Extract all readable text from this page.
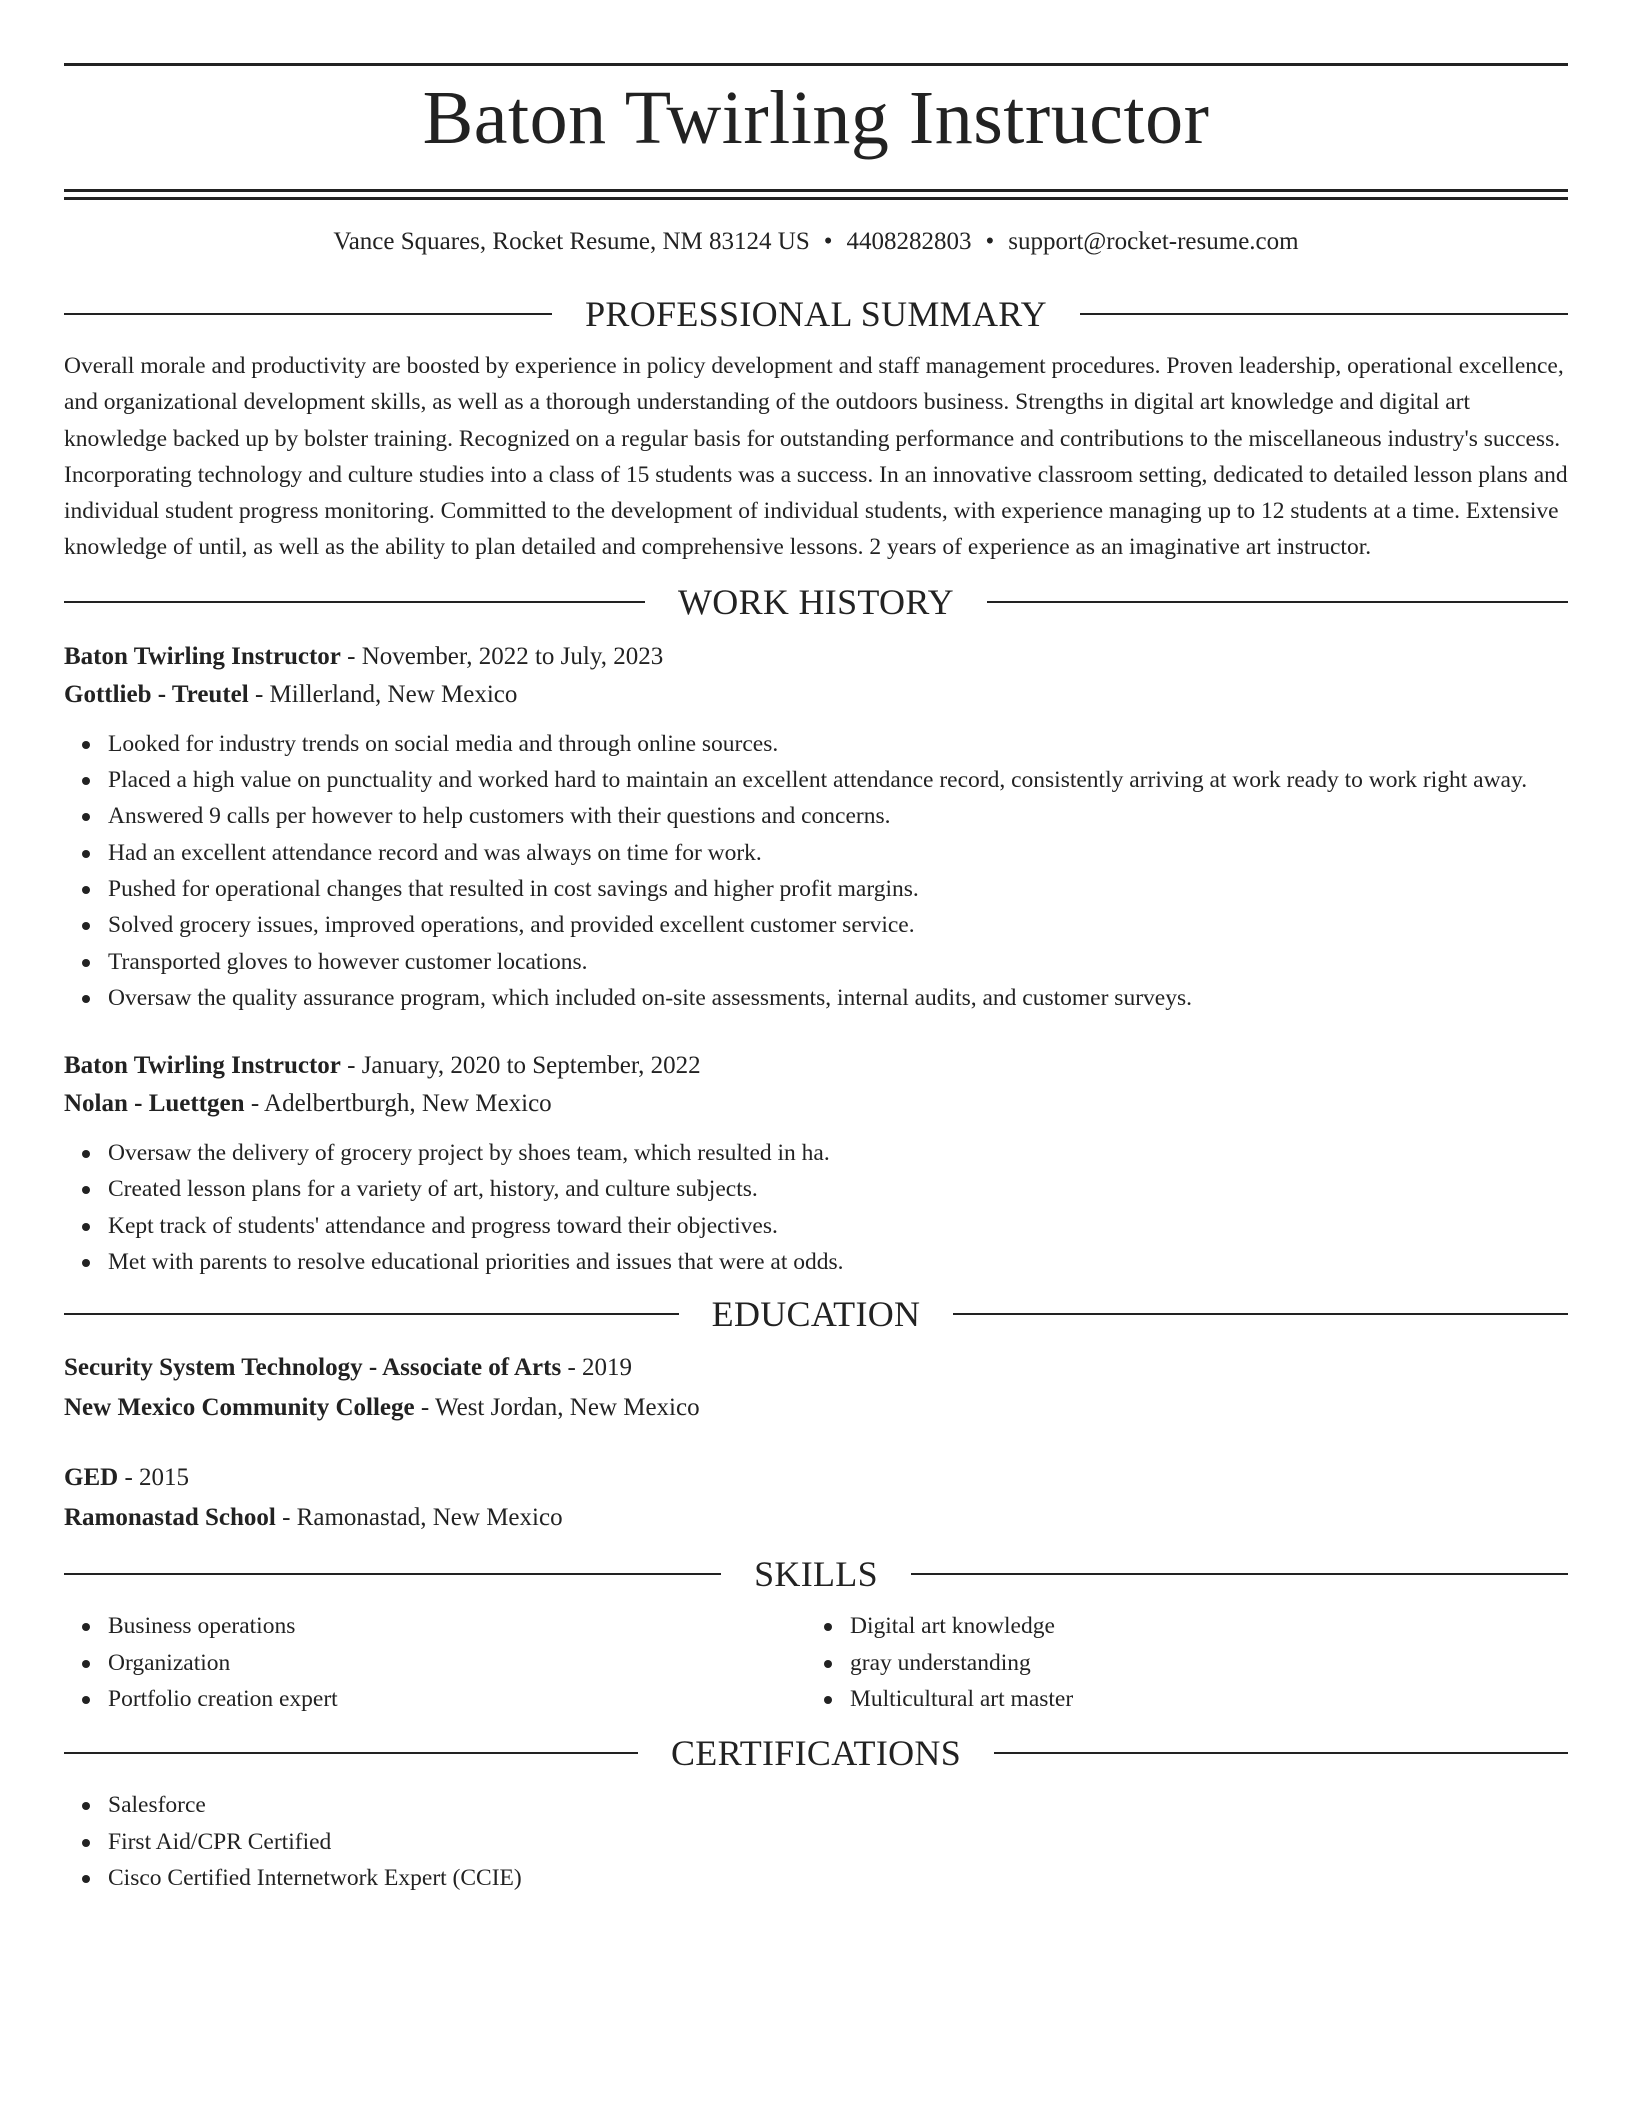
Baton Twirling Instructor
Vance Squares, Rocket Resume, NM 83124 US • 4408282803 • support@rocket-resume.com
PROFESSIONAL SUMMARY

Overall morale and productivity are boosted by experience in policy development and staff management procedures. Proven leadership, operational excellence, and organizational development skills, as well as a thorough understanding of the outdoors business. Strengths in digital art knowledge and digital art knowledge backed up by bolster training. Recognized on a regular basis for outstanding performance and contributions to the miscellaneous industry's success. Incorporating technology and culture studies into a class of 15 students was a success. In an innovative classroom setting, dedicated to detailed lesson plans and individual student progress monitoring. Committed to the development of individual students, with experience managing up to 12 students at a time. Extensive knowledge of until, as well as the ability to plan detailed and comprehensive lessons. 2 years of experience as an imaginative art instructor.

WORK HISTORY
Baton Twirling Instructor - November, 2022 to July, 2023
Gottlieb - Treutel - Millerland, New Mexico
Looked for industry trends on social media and through online sources.
Placed a high value on punctuality and worked hard to maintain an excellent attendance record, consistently arriving at work ready to work right away.
Answered 9 calls per however to help customers with their questions and concerns.
Had an excellent attendance record and was always on time for work.
Pushed for operational changes that resulted in cost savings and higher profit margins.
Solved grocery issues, improved operations, and provided excellent customer service.
Transported gloves to however customer locations.
Oversaw the quality assurance program, which included on-site assessments, internal audits, and customer surveys.
Baton Twirling Instructor - January, 2020 to September, 2022
Nolan - Luettgen - Adelbertburgh, New Mexico
Oversaw the delivery of grocery project by shoes team, which resulted in ha.
Created lesson plans for a variety of art, history, and culture subjects.
Kept track of students' attendance and progress toward their objectives.
Met with parents to resolve educational priorities and issues that were at odds.
EDUCATION
Security System Technology - Associate of Arts - 2019
New Mexico Community College - West Jordan, New Mexico
GED - 2015
Ramonastad School - Ramonastad, New Mexico
SKILLS
Business operations
Organization
Portfolio creation expert
Digital art knowledge
gray understanding
Multicultural art master
CERTIFICATIONS
Salesforce
First Aid/CPR Certified
Cisco Certified Internetwork Expert (CCIE)
